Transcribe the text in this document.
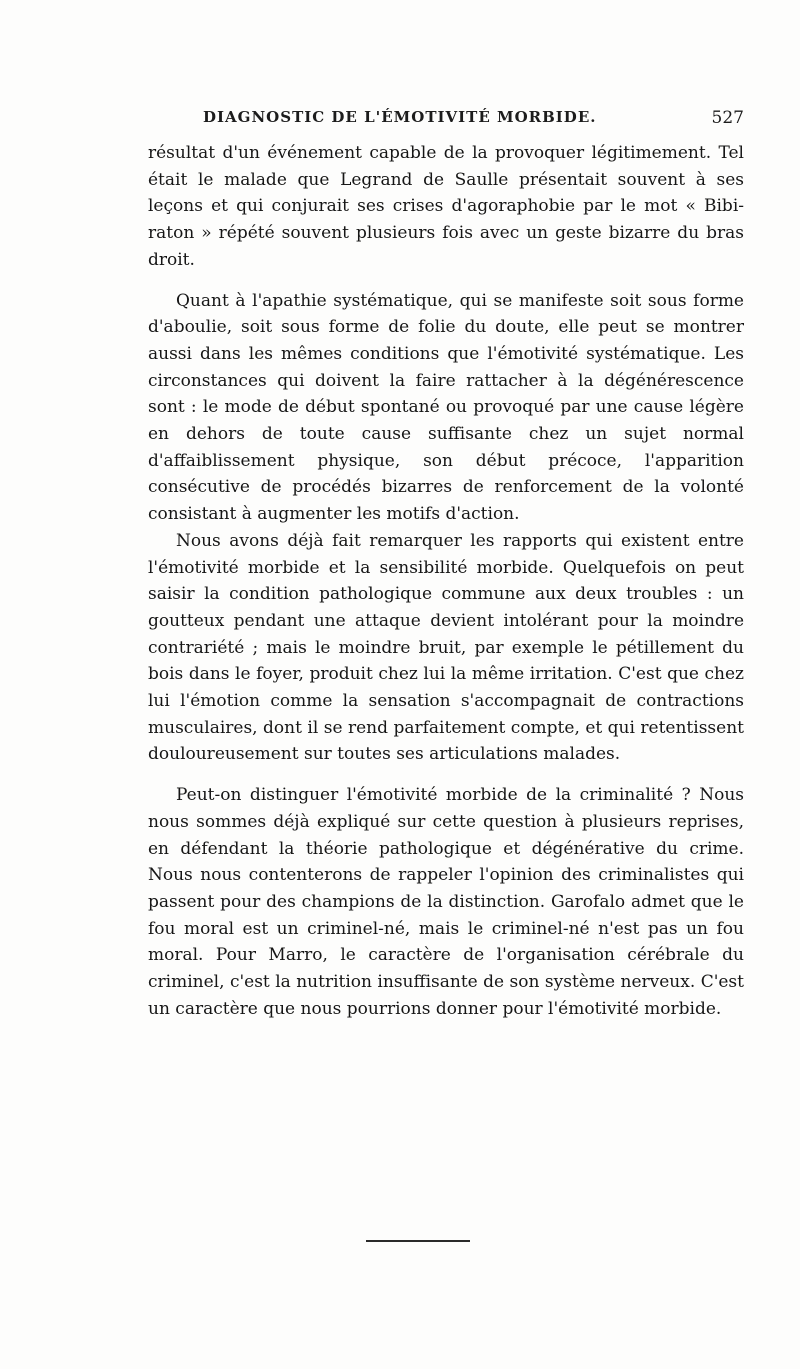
DIAGNOSTIC DE L'ÉMOTIVITÉ MORBIDE.	527

résultat d'un événement capable de la provoquer légitimement. Tel était le malade que Legrand de Saulle présentait souvent à ses leçons et qui conjurait ses crises d'agoraphobie par le mot « Bibi-raton » répété souvent plusieurs fois avec un geste bizarre du bras droit.

Quant à l'apathie systématique, qui se manifeste soit sous forme d'aboulie, soit sous forme de folie du doute, elle peut se montrer aussi dans les mêmes conditions que l'émotivité systématique. Les circonstances qui doivent la faire rattacher à la dégénérescence sont : le mode de début spontané ou provoqué par une cause légère en dehors de toute cause suffisante chez un sujet normal d'affaiblissement physique, son début précoce, l'apparition consécutive de procédés bizarres de renforcement de la volonté consistant à augmenter les motifs d'action.

Nous avons déjà fait remarquer les rapports qui existent entre l'émotivité morbide et la sensibilité morbide. Quelquefois on peut saisir la condition pathologique commune aux deux troubles : un goutteux pendant une attaque devient intolérant pour la moindre contrariété ; mais le moindre bruit, par exemple le pétillement du bois dans le foyer, produit chez lui la même irritation. C'est que chez lui l'émotion comme la sensation s'accompagnait de contractions musculaires, dont il se rend parfaitement compte, et qui retentissent douloureusement sur toutes ses articulations malades.

Peut-on distinguer l'émotivité morbide de la criminalité ? Nous nous sommes déjà expliqué sur cette question à plusieurs reprises, en défendant la théorie pathologique et dégénérative du crime. Nous nous contenterons de rappeler l'opinion des criminalistes qui passent pour des champions de la distinction. Garofalo admet que le fou moral est un criminel-né, mais le criminel-né n'est pas un fou moral. Pour Marro, le caractère de l'organisation cérébrale du criminel, c'est la nutrition insuffisante de son système nerveux. C'est un caractère que nous pourrions donner pour l'émotivité morbide.
